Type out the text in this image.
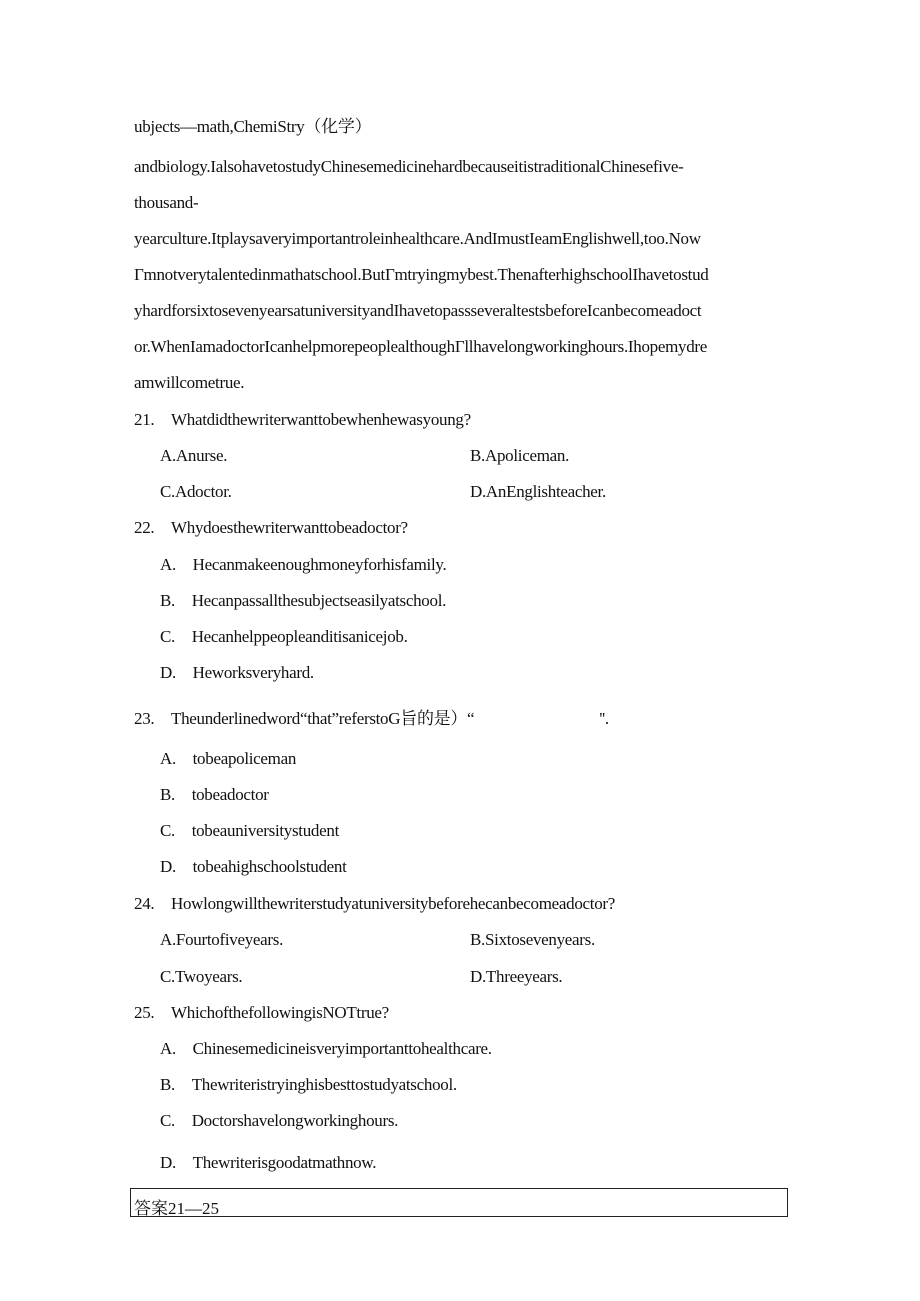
ubjects—math,ChemiStry（化学）
andbiology.IalsohavetostudyChinesemedicinehardbecauseitistraditionalChinesefive-
thousand-
yearculture.Itplaysaveryimportantroleinhealthcare.AndImustIeamEnglishwell,too.Now
Γmnotverytalentedinmathatschool.ButΓmtryingmybest.ThenafterhighschoolIhavetostud
yhardforsixtosevenyearsatuniversityandIhavetopassseveraltestsbeforeIcanbecomeadoct
or.WhenIamadoctorIcanhelpmorepeoplealthoughΓllhavelongworkinghours.Ihopemydre
amwillcometrue.
21. Whatdidthewriterwanttobewhenhewasyoung?
A.Anurse.	B.Apoliceman.
C.Adoctor.	D.AnEnglishteacher.
22. Whydoesthewriterwanttobeadoctor?
A. Hecanmakeenoughmoneyforhisfamily.
B. Hecanpassallthesubjectseasilyatschool.
C. Hecanhelppeopleanditisanicejob.
D. Heworksveryhard.
23. Theunderlinedword“that”referstoG旨的是）“        ''.
A. tobeapoliceman
B. tobeadoctor
C. tobeauniversitystudent
D. tobeahighschoolstudent
24. Howlongwillthewriterstudyatuniversitybeforehecanbecomeadoctor?
A.Fourtofiveyears.	B.Sixtosevenyears.
C.Twoyears.	D.Threeyears.
25. WhichofthefollowingisNOTtrue?
A. Chinesemedicineisveryimportanttohealthcare.
B. Thewriteristryinghisbesttostudyatschool.
C. Doctorshavelongworkinghours.
D. Thewriterisgoodatmathnow.
答案21—25
